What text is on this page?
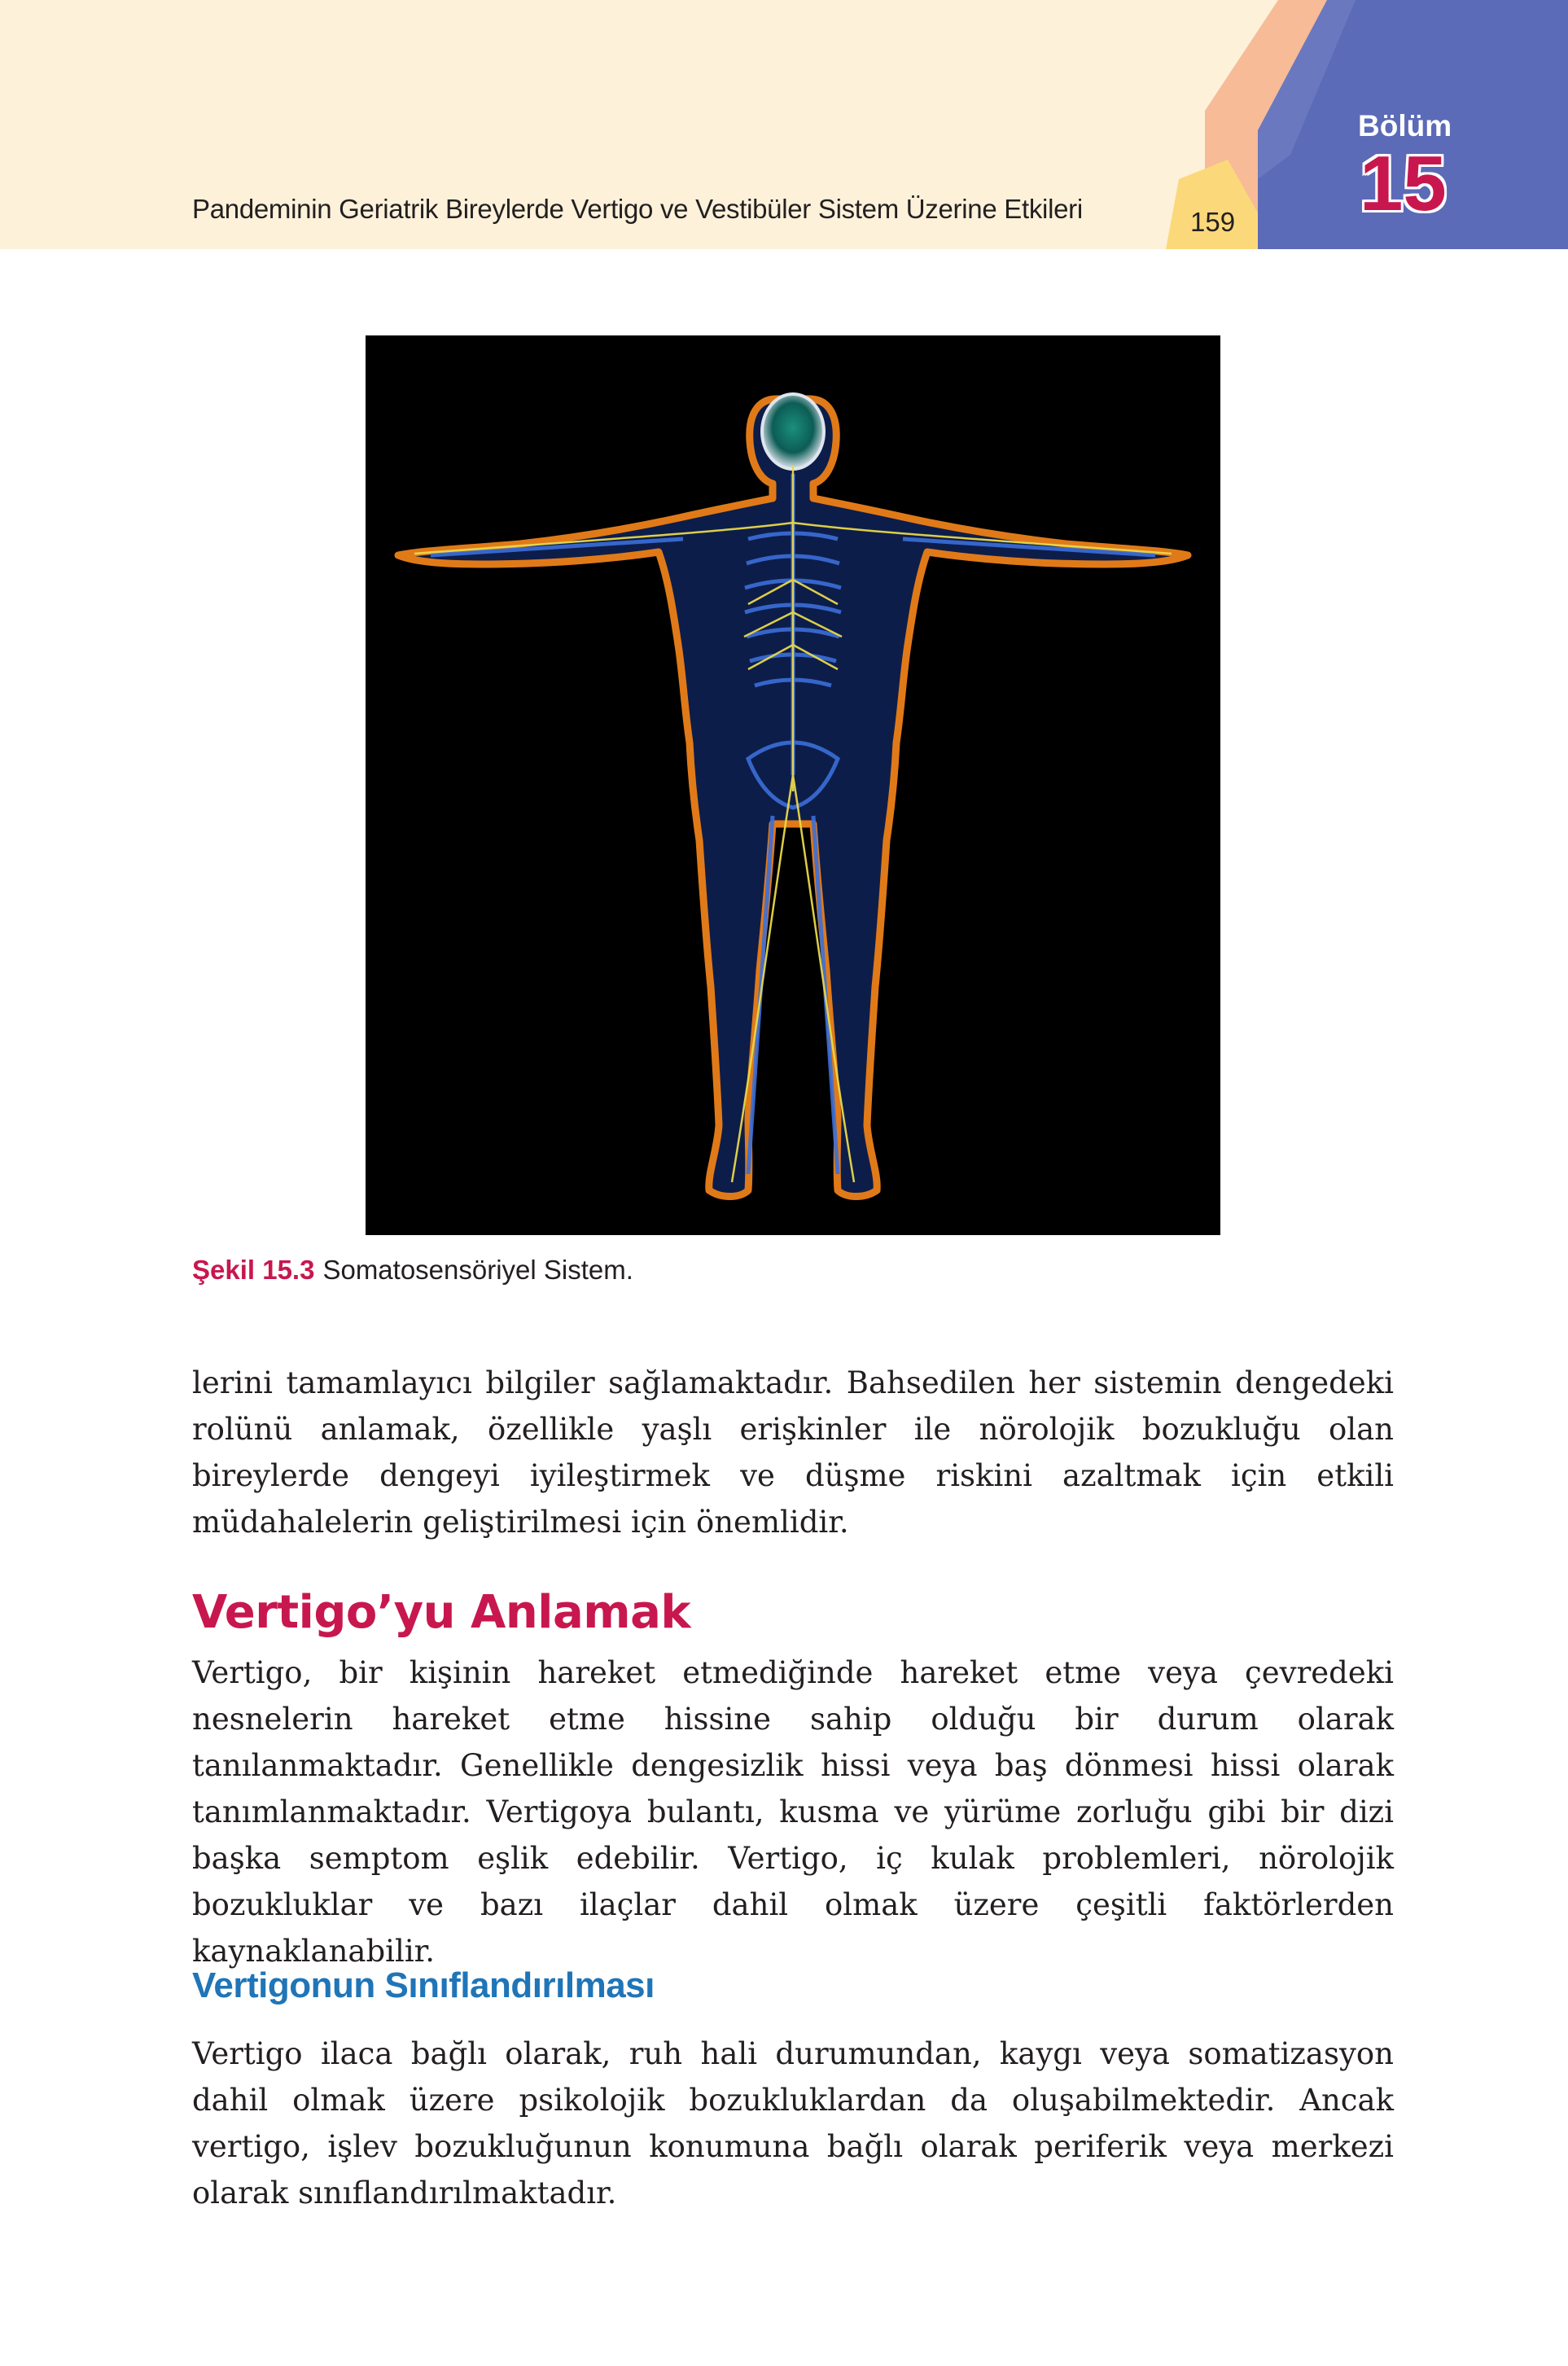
Pandeminin Geriatrik Bireylerde Vertigo ve Vestibüler Sistem Üzerine Etkileri	159
Bölüm
15
Şekil 15.3 Somatosensöriyel Sistem.

lerini tamamlayıcı bilgiler sağlamaktadır. Bahsedilen her sistemin dengedeki rolünü anlamak, özellikle yaşlı erişkinler ile nörolojik bozukluğu olan bireylerde dengeyi iyileştirmek ve düşme riskini azaltmak için etkili müdahalelerin geliştirilmesi için önemlidir.

Vertigo’yu Anlamak

Vertigo, bir kişinin hareket etmediğinde hareket etme veya çevredeki nesnelerin hareket etme hissine sahip olduğu bir durum olarak tanılanmaktadır. Genellikle dengesizlik hissi veya baş dönmesi hissi olarak tanımlanmaktadır. Vertigoya bulantı, kusma ve yürüme zorluğu gibi bir dizi başka semptom eşlik edebilir. Vertigo, iç kulak problemleri, nörolojik bozukluklar ve bazı ilaçlar dahil olmak üzere çeşitli faktörlerden kaynaklanabilir.

Vertigonun Sınıflandırılması

Vertigo ilaca bağlı olarak, ruh hali durumundan, kaygı veya somatizasyon dahil olmak üzere psikolojik bozukluklardan da oluşabilmektedir. Ancak vertigo, işlev bozukluğunun konumuna bağlı olarak periferik veya merkezi olarak sınıflandırılmaktadır.
